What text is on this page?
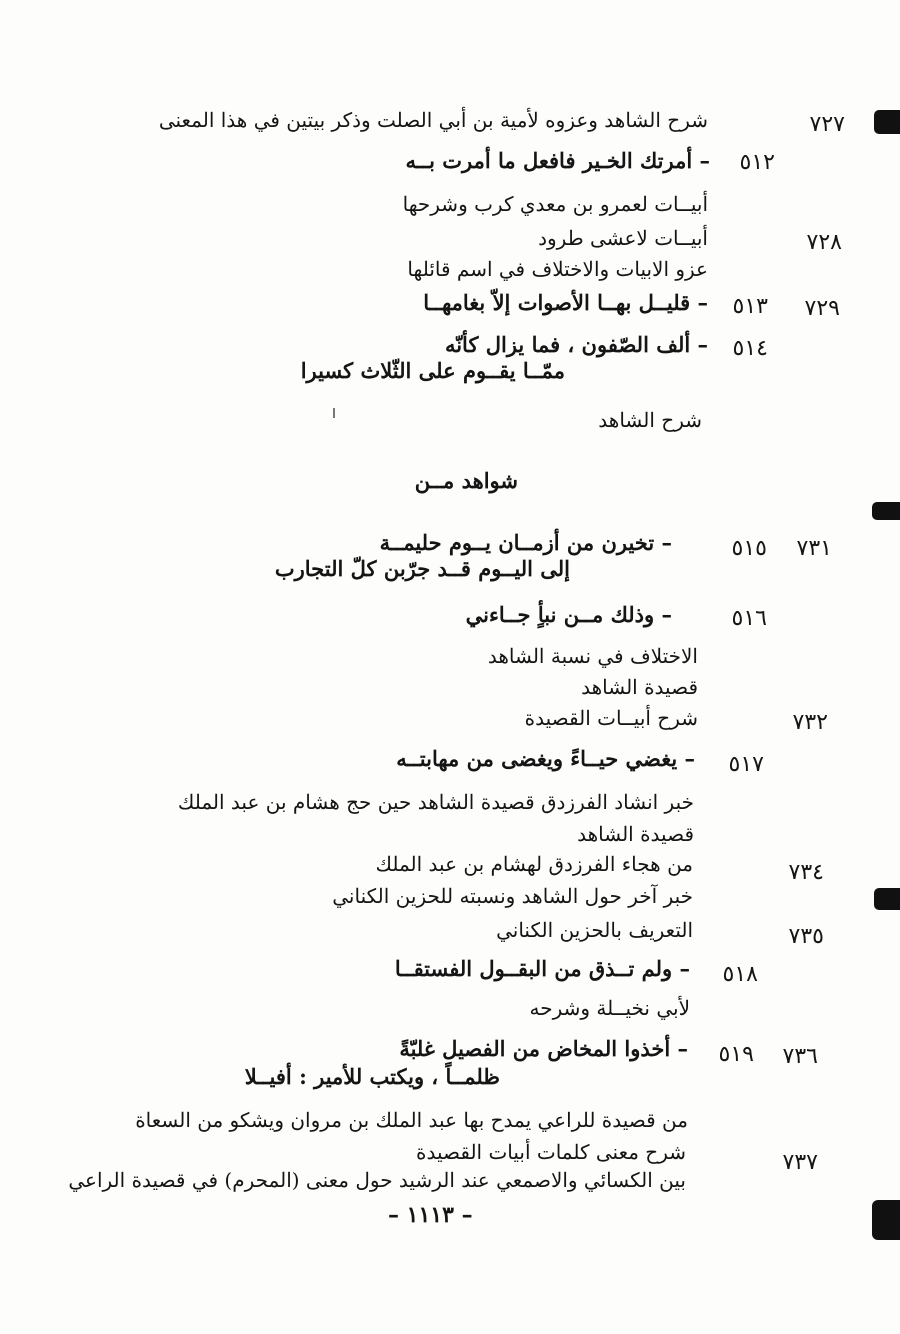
٧٢٧
شرح الشاهد وعزوه لأمية بن أبي الصلت وذكر بيتين في هذا المعنى
٥١٢
– أمرتك الخـير فافعل ما أمرت بــه
أبيــات لعمرو بن معدي كرب وشرحها
٧٢٨
أبيــات لاعشى طرود
عزو الابيات والاختلاف في اسم قائلها
٧٢٩
٥١٣
– قليــل بهــا الأصوات إلاّ بغامهــا
٥١٤
– ألف الصّفون ، فما يزال كأنّه
ممّــا يقــوم على الثّلاث كسيرا
شرح الشاهد
شواهد مــن
٧٣١
٥١٥
– تخيرن من أزمــان يــوم حليمــة
إلى اليــوم قــد جرّبن كلّ التجارب
٥١٦
– وذلك مــن نبأٍ جــاءني
الاختلاف في نسبة الشاهد
قصيدة الشاهد
٧٣٢
شرح أبيــات القصيدة
٥١٧
– يغضي حيــاءً ويغضى من مهابتــه
خبر انشاد الفرزدق قصيدة الشاهد حين حج هشام بن عبد الملك
قصيدة الشاهد
٧٣٤
من هجاء الفرزدق لهشام بن عبد الملك
خبر آخر حول الشاهد ونسبته للحزين الكناني
٧٣٥
التعريف بالحزين الكناني
٥١٨
– ولم تــذق من البقــول الفستقــا
لأبي نخيــلة وشرحه
٧٣٦
٥١٩
– أخذوا المخاض من الفصيل غلبّةً
ظلمــاً ، ويكتب للأمير : أفيــلا
من قصيدة للراعي يمدح بها عبد الملك بن مروان ويشكو من السعاة
٧٣٧
شرح معنى كلمات أبيات القصيدة
بين الكسائي والاصمعي عند الرشيد حول معنى (المحرم) في قصيدة الراعي
– ١١١٣ –
